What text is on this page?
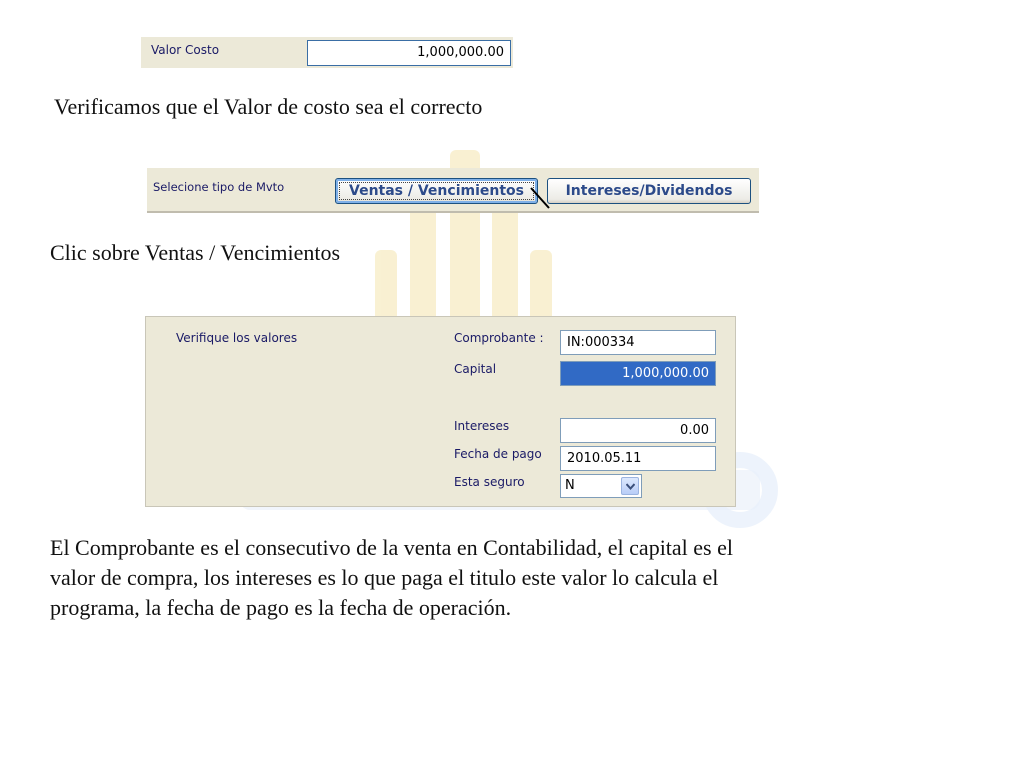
Valor Costo	1,000,000.00

Verificamos que el Valor de costo sea el correcto

Selecione tipo de Mvto	Ventas / Vencimientos	Intereses/Dividendos

Clic sobre Ventas / Vencimientos

Verifique los valores	Comprobante :	IN:000334
Capital	1,000,000.00
Intereses	0.00
Fecha de pago	2010.05.11
Esta seguro	N

El Comprobante es el consecutivo de la venta en Contabilidad, el capital es el

valor de compra, los intereses es lo que paga el titulo este valor lo calcula el

programa, la fecha de pago es la fecha de operación.
